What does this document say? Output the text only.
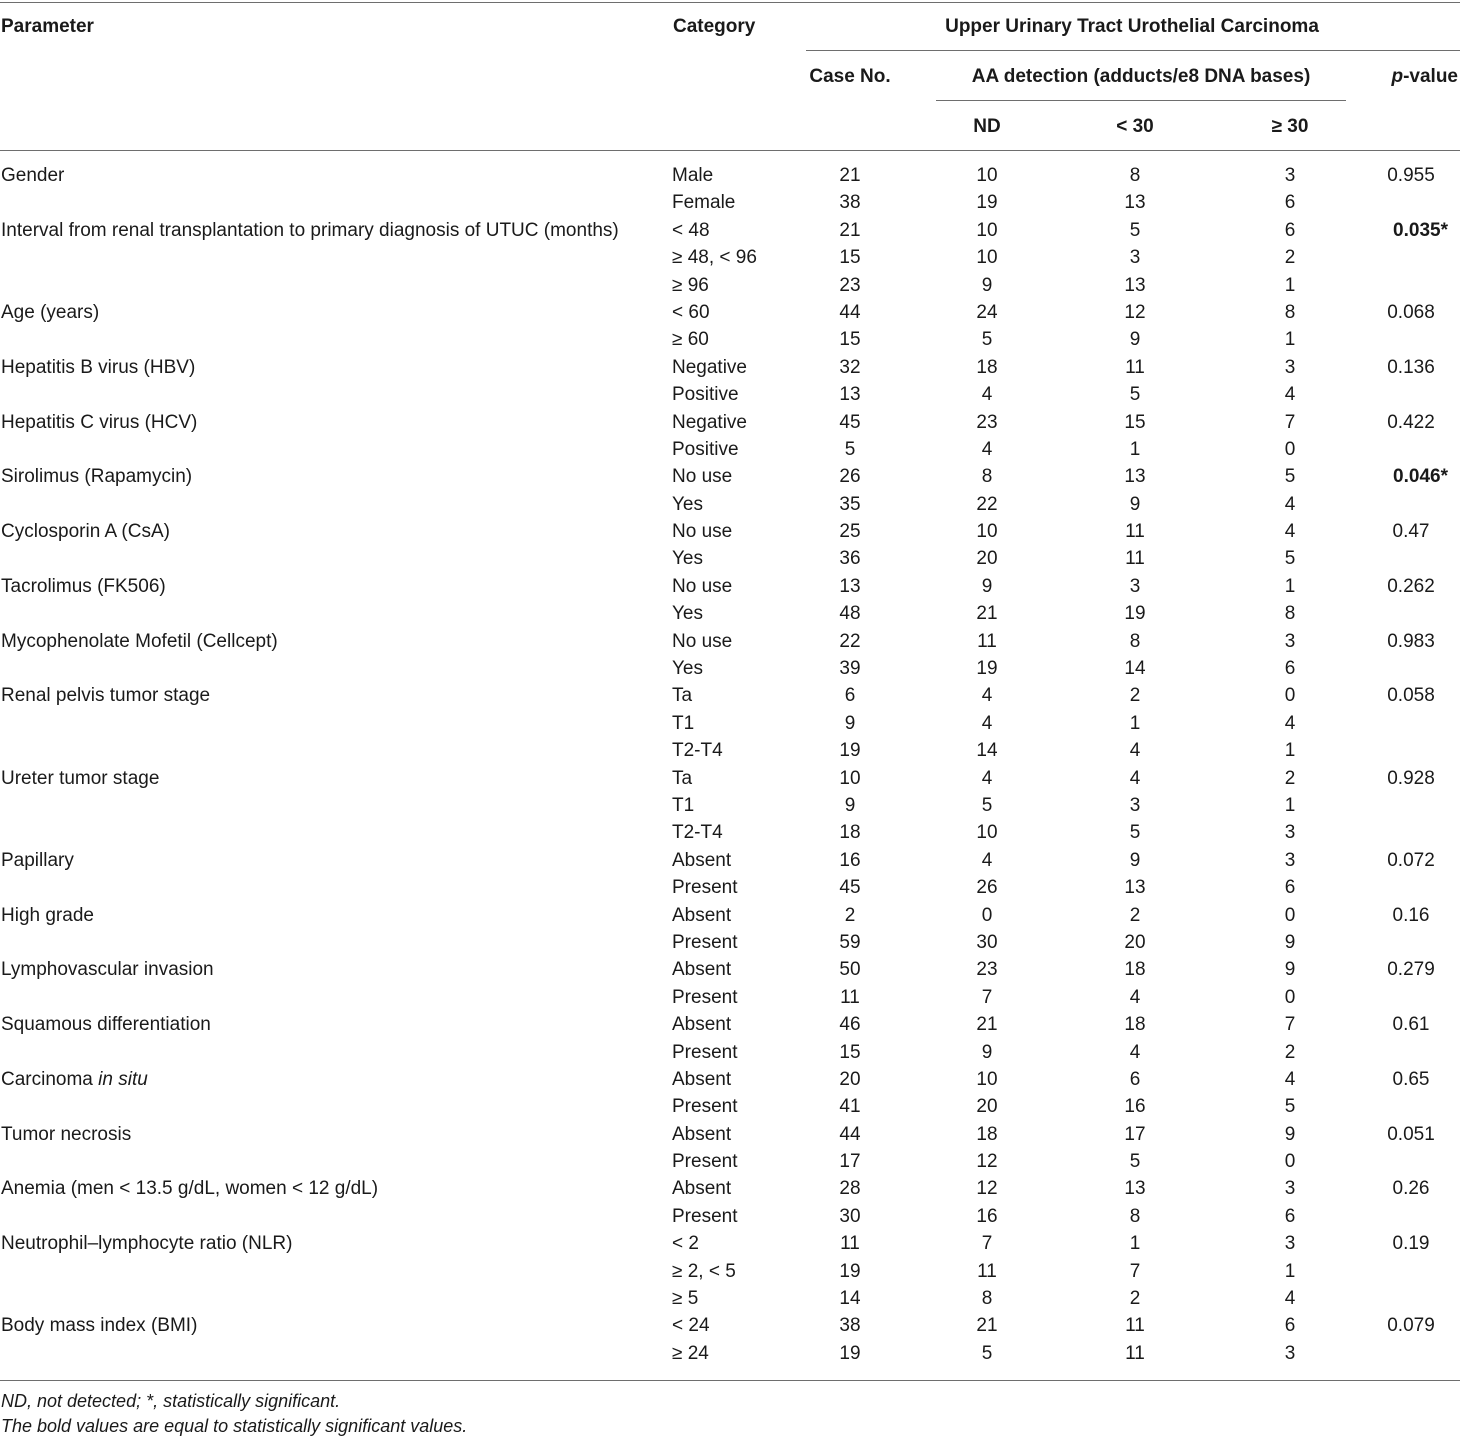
Parameter	Category	Upper Urinary Tract Urothelial Carcinoma
Case No.	AA detection (adducts/e8 DNA bases)	p-value
ND	< 30	≥ 30
Gender	Male	21	10	8	3	0.955
Female	38	19	13	6
Interval from renal transplantation to primary diagnosis of UTUC (months)	< 48	21	10	5	6	0.035*
≥ 48, < 96	15	10	3	2
≥ 96	23	9	13	1
Age (years)	< 60	44	24	12	8	0.068
≥ 60	15	5	9	1
Hepatitis B virus (HBV)	Negative	32	18	11	3	0.136
Positive	13	4	5	4
Hepatitis C virus (HCV)	Negative	45	23	15	7	0.422
Positive	5	4	1	0
Sirolimus (Rapamycin)	No use	26	8	13	5	0.046*
Yes	35	22	9	4
Cyclosporin A (CsA)	No use	25	10	11	4	0.47
Yes	36	20	11	5
Tacrolimus (FK506)	No use	13	9	3	1	0.262
Yes	48	21	19	8
Mycophenolate Mofetil (Cellcept)	No use	22	11	8	3	0.983
Yes	39	19	14	6
Renal pelvis tumor stage	Ta	6	4	2	0	0.058
T1	9	4	1	4
T2-T4	19	14	4	1
Ureter tumor stage	Ta	10	4	4	2	0.928
T1	9	5	3	1
T2-T4	18	10	5	3
Papillary	Absent	16	4	9	3	0.072
Present	45	26	13	6
High grade	Absent	2	0	2	0	0.16
Present	59	30	20	9
Lymphovascular invasion	Absent	50	23	18	9	0.279
Present	11	7	4	0
Squamous differentiation	Absent	46	21	18	7	0.61
Present	15	9	4	2
Carcinoma in situ	Absent	20	10	6	4	0.65
Present	41	20	16	5
Tumor necrosis	Absent	44	18	17	9	0.051
Present	17	12	5	0
Anemia (men < 13.5 g/dL, women < 12 g/dL)	Absent	28	12	13	3	0.26
Present	30	16	8	6
Neutrophil–lymphocyte ratio (NLR)	< 2	11	7	1	3	0.19
≥ 2, < 5	19	11	7	1
≥ 5	14	8	2	4
Body mass index (BMI)	< 24	38	21	11	6	0.079
≥ 24	19	5	11	3
ND, not detected; *, statistically significant.
The bold values are equal to statistically significant values.
